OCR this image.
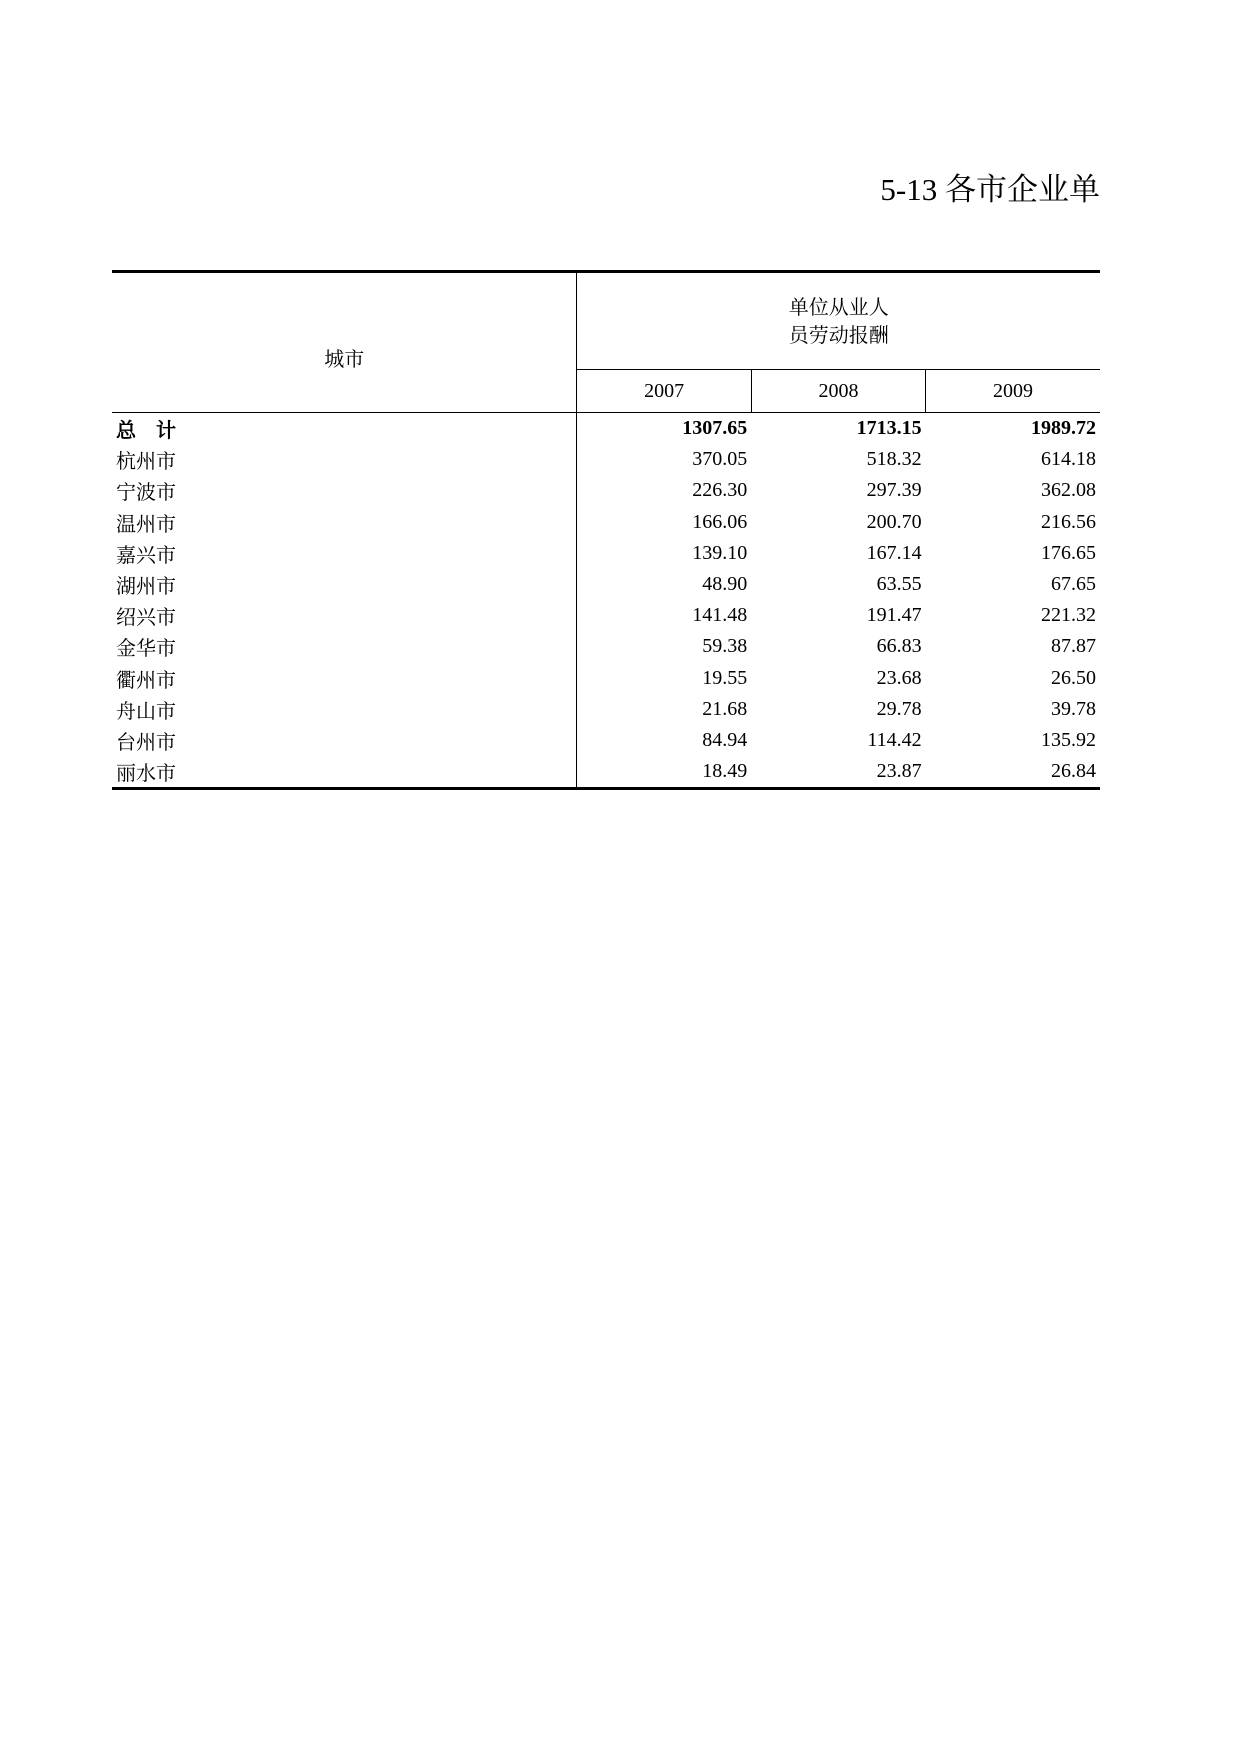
5-13 各市企业单
城市	单位从业人
员劳动报酬		

	2007	2008	2009
总　计	1307.65	1713.15	1989.72
杭州市	370.05	518.32	614.18
宁波市	226.30	297.39	362.08
温州市	166.06	200.70	216.56
嘉兴市	139.10	167.14	176.65
湖州市	48.90	63.55	67.65
绍兴市	141.48	191.47	221.32
金华市	59.38	66.83	87.87
衢州市	19.55	23.68	26.50
舟山市	21.68	29.78	39.78
台州市	84.94	114.42	135.92
丽水市	18.49	23.87	26.84
